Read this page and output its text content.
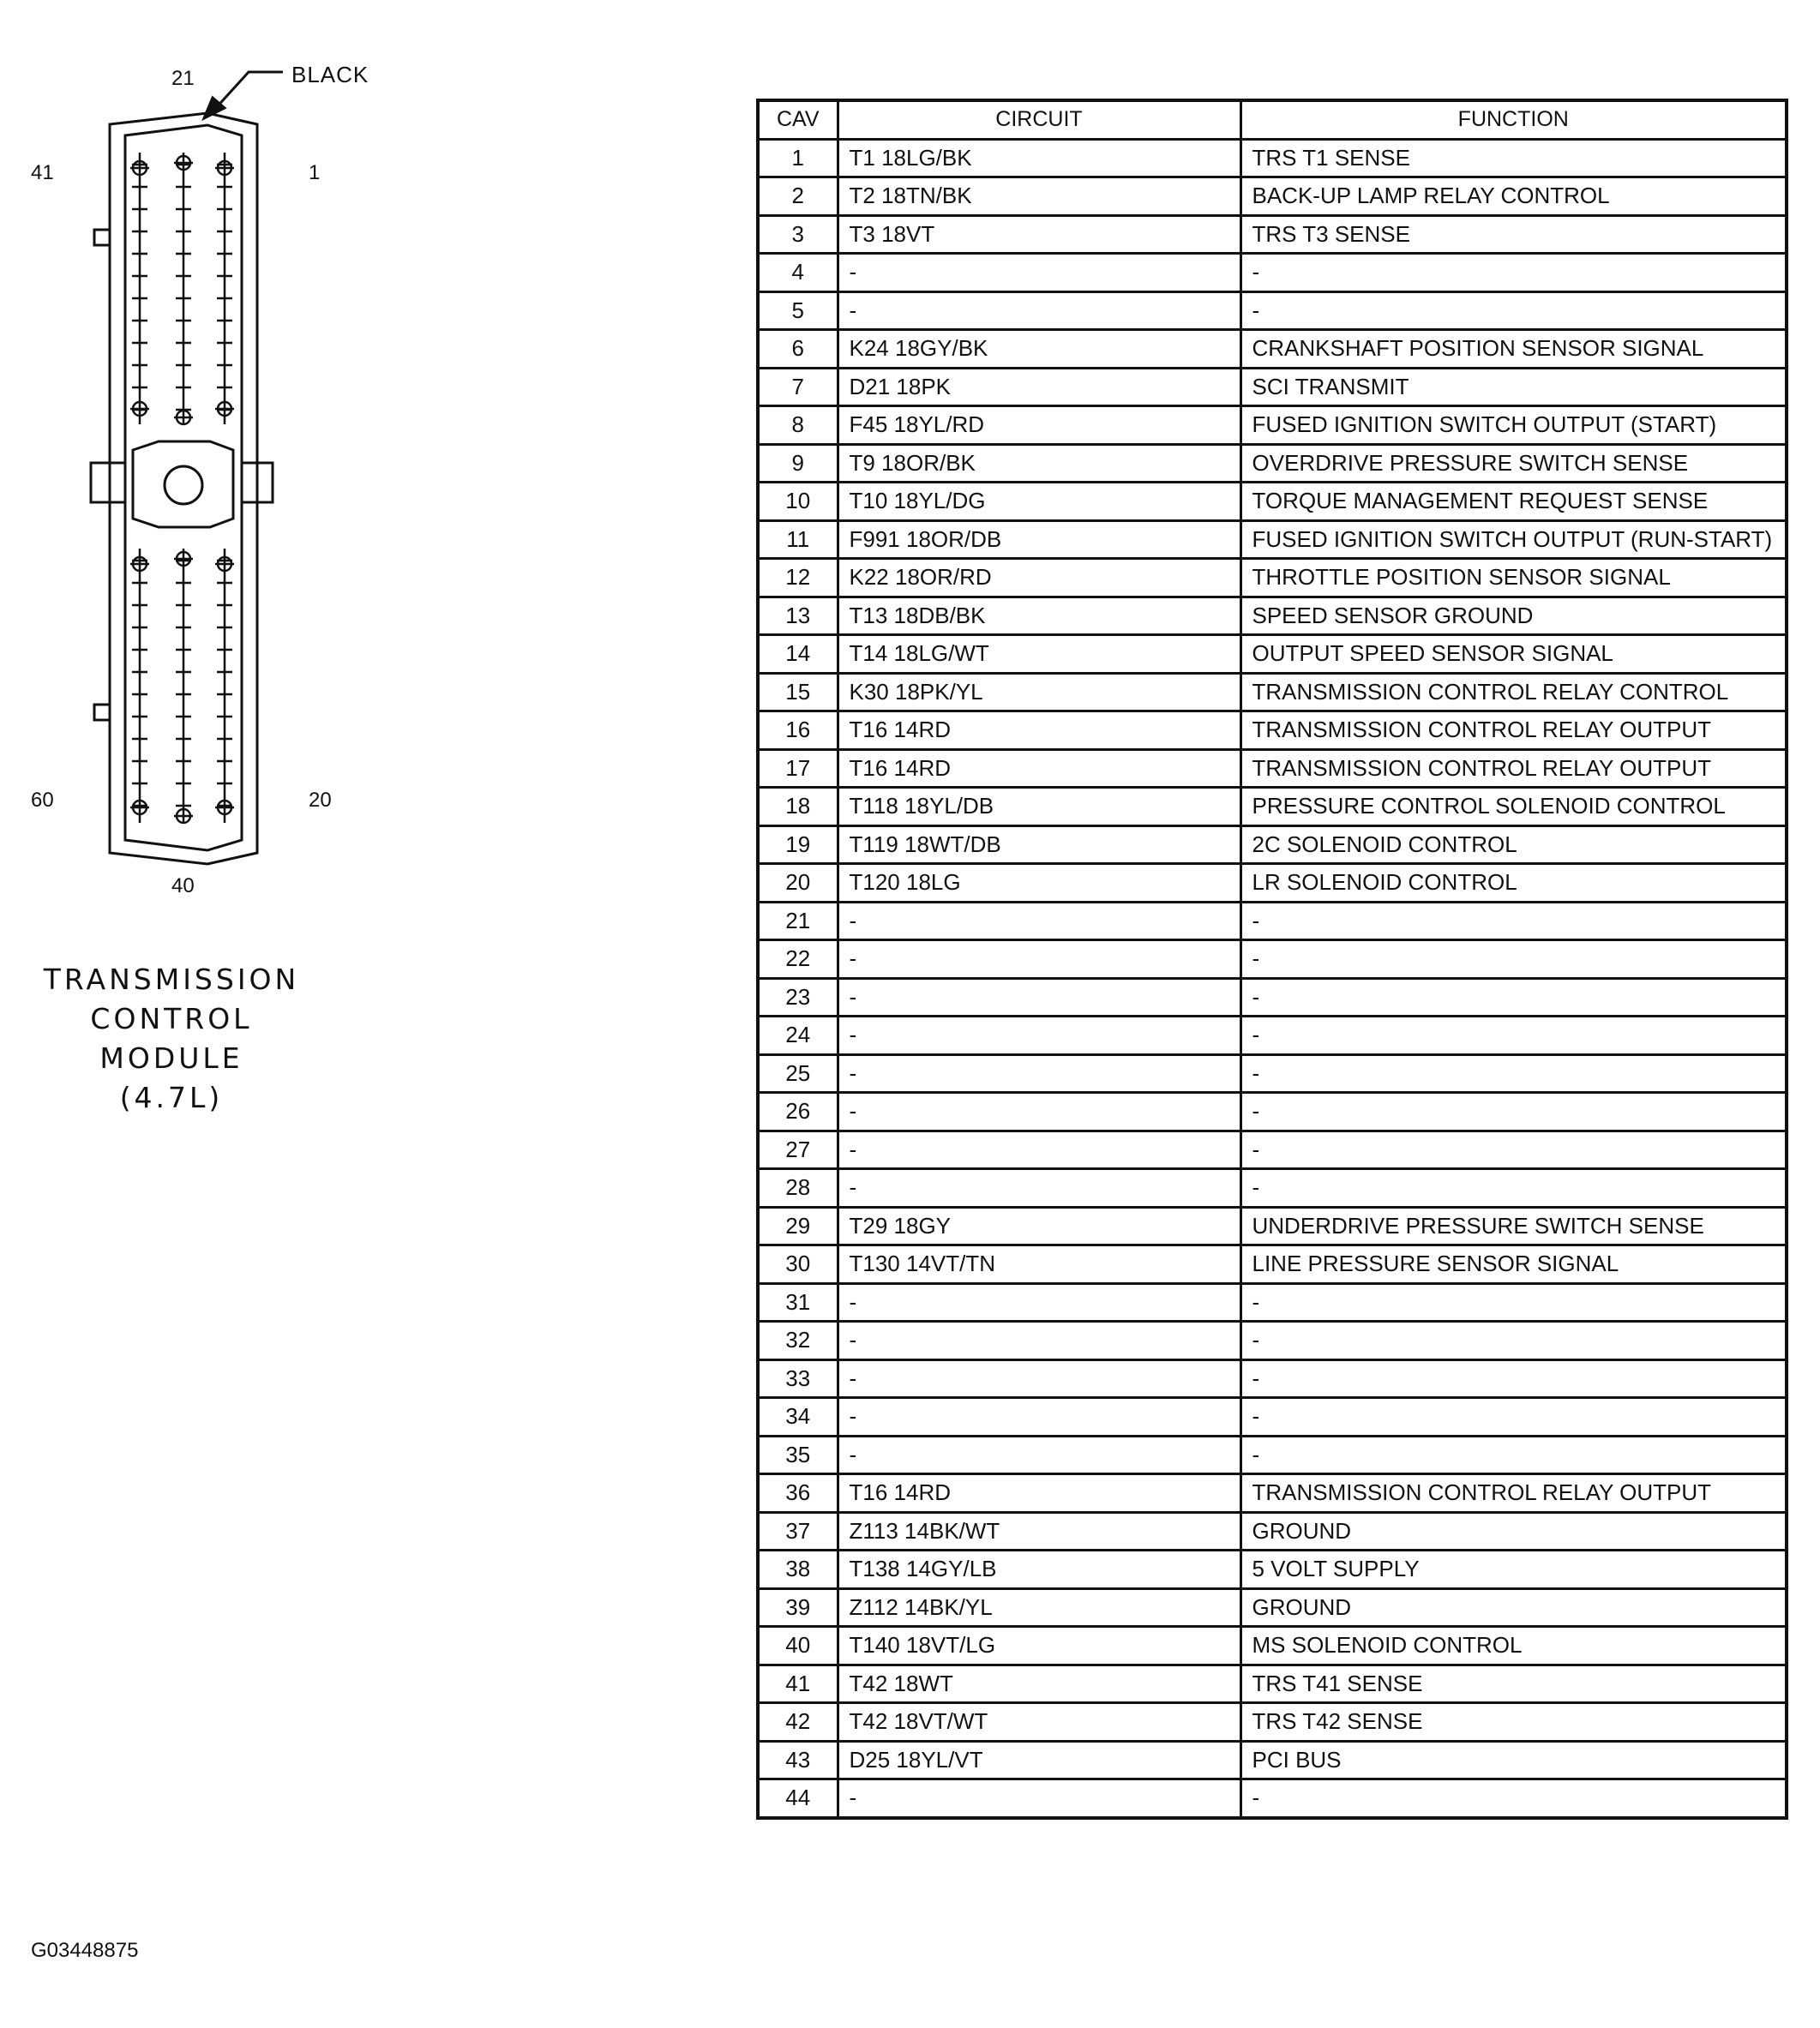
21
41	1
60	20
40
BLACK
TRANSMISSION
CONTROL
MODULE
(4.7L)
G03448875
CAV	CIRCUIT	FUNCTION
1	T1 18LG/BK	TRS T1 SENSE
2	T2 18TN/BK	BACK-UP LAMP RELAY CONTROL
3	T3 18VT	TRS T3 SENSE
4	-	-
5	-	-
6	K24 18GY/BK	CRANKSHAFT POSITION SENSOR SIGNAL
7	D21 18PK	SCI TRANSMIT
8	F45 18YL/RD	FUSED IGNITION SWITCH OUTPUT (START)
9	T9 18OR/BK	OVERDRIVE PRESSURE SWITCH SENSE
10	T10 18YL/DG	TORQUE MANAGEMENT REQUEST SENSE
11	F991 18OR/DB	FUSED IGNITION SWITCH OUTPUT (RUN-START)
12	K22 18OR/RD	THROTTLE POSITION SENSOR SIGNAL
13	T13 18DB/BK	SPEED SENSOR GROUND
14	T14 18LG/WT	OUTPUT SPEED SENSOR SIGNAL
15	K30 18PK/YL	TRANSMISSION CONTROL RELAY CONTROL
16	T16 14RD	TRANSMISSION CONTROL RELAY OUTPUT
17	T16 14RD	TRANSMISSION CONTROL RELAY OUTPUT
18	T118 18YL/DB	PRESSURE CONTROL SOLENOID CONTROL
19	T119 18WT/DB	2C SOLENOID CONTROL
20	T120 18LG	LR SOLENOID CONTROL
21	-	-
22	-	-
23	-	-
24	-	-
25	-	-
26	-	-
27	-	-
28	-	-
29	T29 18GY	UNDERDRIVE PRESSURE SWITCH SENSE
30	T130 14VT/TN	LINE PRESSURE SENSOR SIGNAL
31	-	-
32	-	-
33	-	-
34	-	-
35	-	-
36	T16 14RD	TRANSMISSION CONTROL RELAY OUTPUT
37	Z113 14BK/WT	GROUND
38	T138 14GY/LB	5 VOLT SUPPLY
39	Z112 14BK/YL	GROUND
40	T140 18VT/LG	MS SOLENOID CONTROL
41	T42 18WT	TRS T41 SENSE
42	T42 18VT/WT	TRS T42 SENSE
43	D25 18YL/VT	PCI BUS
44	-	-
